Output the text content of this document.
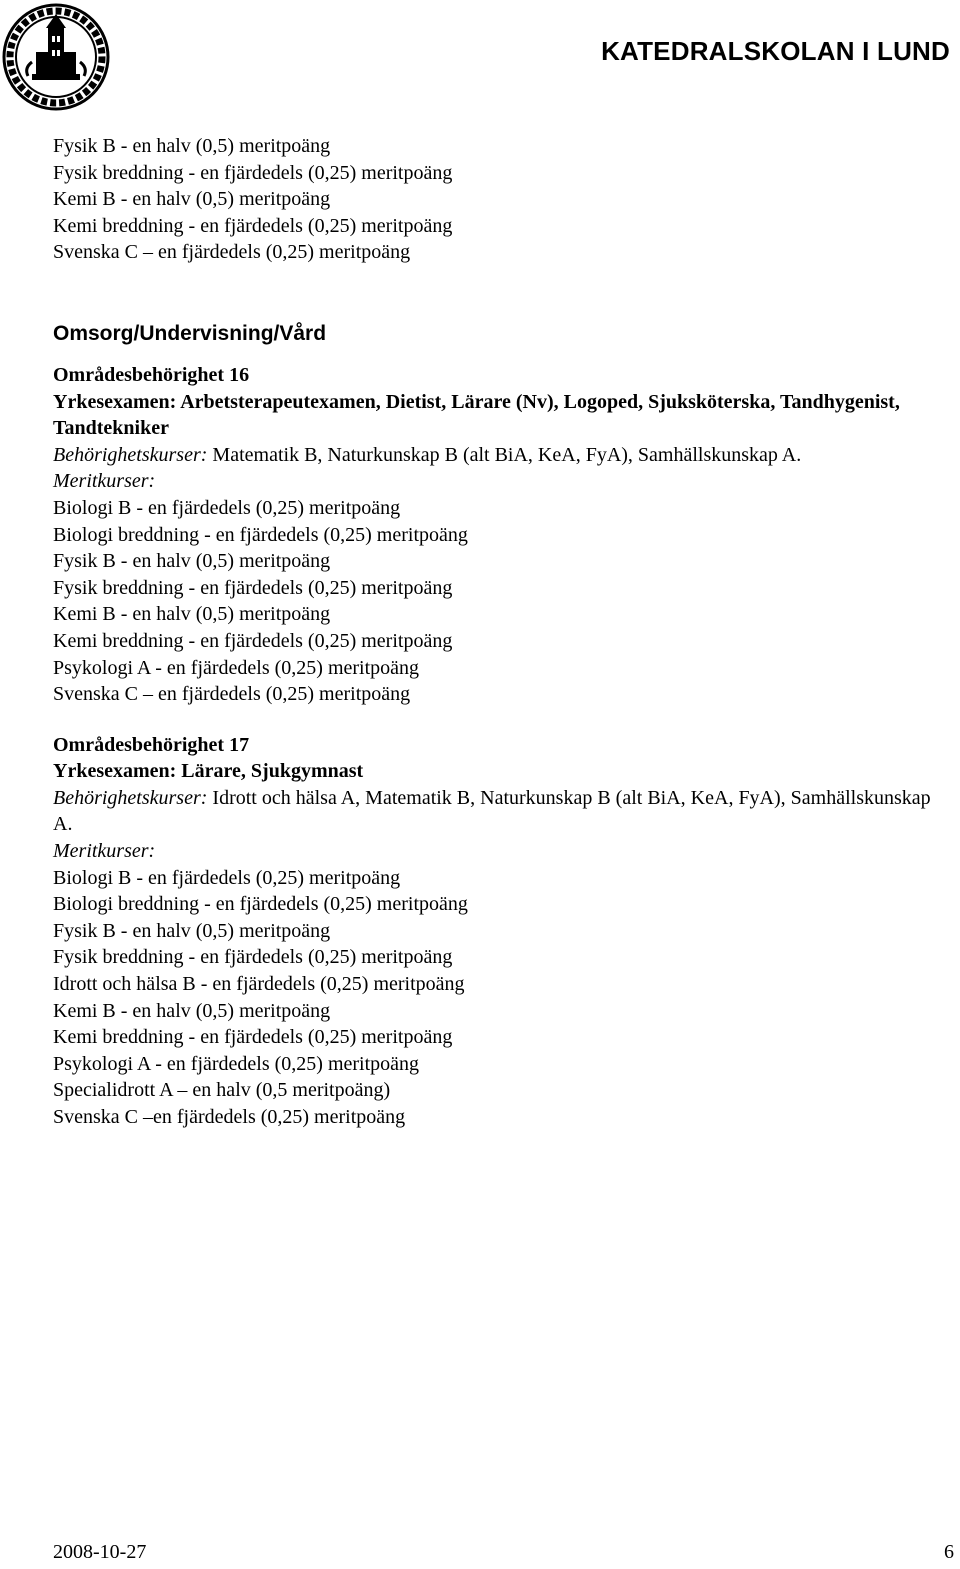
KATEDRALSKOLAN I LUND
Fysik B - en halv (0,5) meritpoäng
Fysik breddning - en fjärdedels (0,25) meritpoäng
Kemi B - en halv (0,5) meritpoäng
Kemi breddning - en fjärdedels (0,25) meritpoäng
Svenska C – en fjärdedels (0,25) meritpoäng
Omsorg/Undervisning/Vård
Områdesbehörighet 16
Yrkesexamen: Arbetsterapeutexamen, Dietist, Lärare (Nv), Logoped, Sjuksköterska, Tandhygenist, Tandtekniker
Behörighetskurser: Matematik B, Naturkunskap B (alt BiA, KeA, FyA), Samhällskunskap A.
Meritkurser:
Biologi B - en fjärdedels (0,25) meritpoäng
Biologi breddning - en fjärdedels (0,25) meritpoäng
Fysik B - en halv (0,5) meritpoäng
Fysik breddning - en fjärdedels (0,25) meritpoäng
Kemi B - en halv (0,5) meritpoäng
Kemi breddning - en fjärdedels (0,25) meritpoäng
Psykologi A - en fjärdedels (0,25) meritpoäng
Svenska C – en fjärdedels (0,25) meritpoäng
Områdesbehörighet 17
Yrkesexamen: Lärare, Sjukgymnast
Behörighetskurser: Idrott och hälsa A, Matematik B, Naturkunskap B (alt BiA, KeA, FyA), Samhällskunskap A.
Meritkurser:
Biologi B - en fjärdedels (0,25) meritpoäng
Biologi breddning - en fjärdedels (0,25) meritpoäng
Fysik B - en halv (0,5) meritpoäng
Fysik breddning - en fjärdedels (0,25) meritpoäng
Idrott och hälsa B - en fjärdedels (0,25) meritpoäng
Kemi B - en halv (0,5) meritpoäng
Kemi breddning - en fjärdedels (0,25) meritpoäng
Psykologi A - en fjärdedels (0,25) meritpoäng
Specialidrott A – en halv (0,5 meritpoäng)
Svenska C –en fjärdedels (0,25) meritpoäng
2008-10-27	6
